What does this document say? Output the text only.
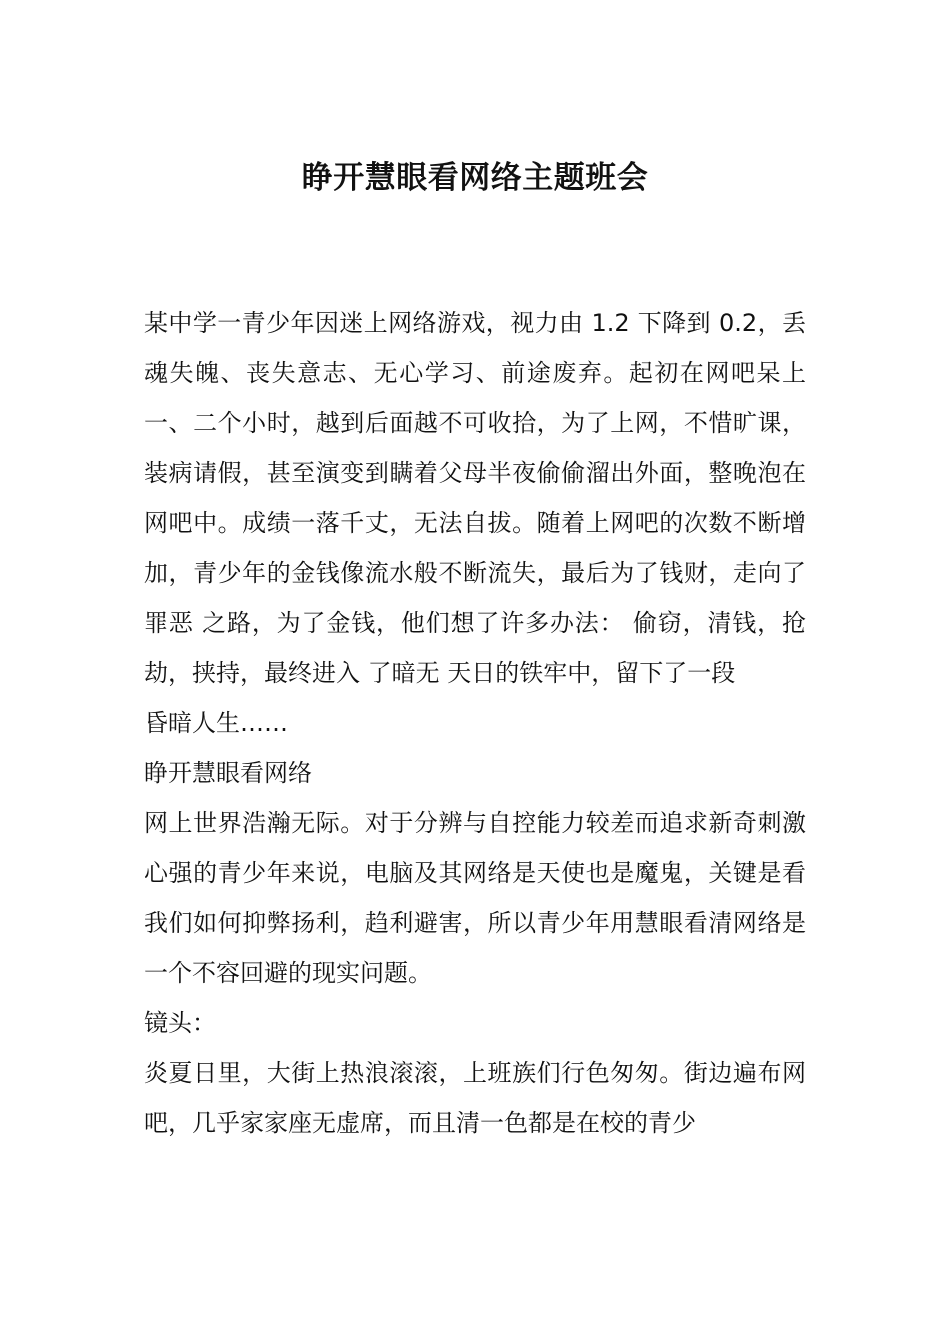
睁开慧眼看网络主题班会

某中学一青少年因迷上网络游戏，视力由 1.2 下降到 0.2，丢魂失魄、丧失意志、无心学习、前途废弃。起初在网吧呆上一、二个小时，越到后面越不可收拾，为了上网，不惜旷课，装病请假，甚至演变到瞒着父母半夜偷偷溜出外面，整晚泡在网吧中。成绩一落千丈，无法自拔。随着上网吧的次数不断增加，青少年的金钱像流水般不断流失，最后为了钱财，走向了罪恶 之路，为了金钱，他们想了许多办法： 偷窃，清钱，抢劫，挟持，最终进入 了暗无 天日的铁牢中，留下了一段

昏暗人生……

睁开慧眼看网络

网上世界浩瀚无际。对于分辨与自控能力较差而追求新奇刺激心强的青少年来说，电脑及其网络是天使也是魔鬼，关键是看我们如何抑弊扬利，趋利避害，所以青少年用慧眼看清网络是一个不容回避的现实问题。

镜头：

炎夏日里，大街上热浪滚滚，上班族们行色匆匆。街边遍布网吧，几乎家家座无虚席，而且清一色都是在校的青少
